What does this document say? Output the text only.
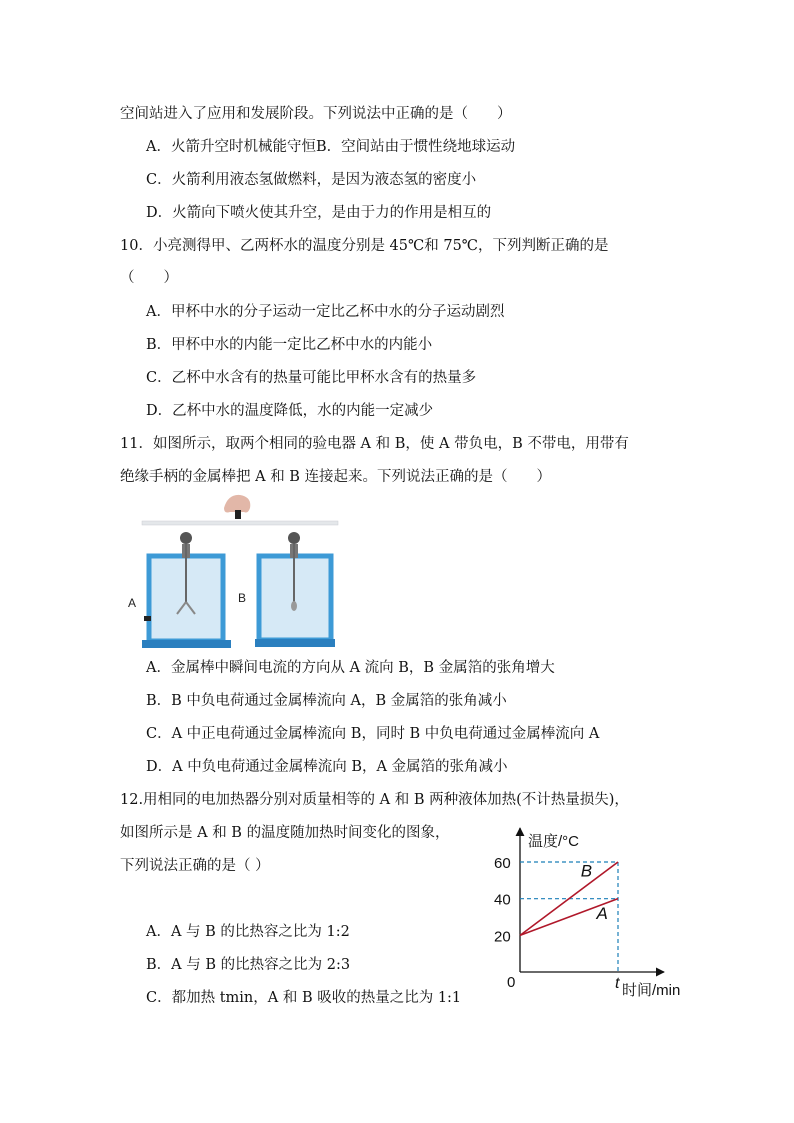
空间站进入了应用和发展阶段。下列说法中正确的是（　　）
A．火箭升空时机械能守恒B．空间站由于惯性绕地球运动
C．火箭利用液态氢做燃料，是因为液态氢的密度小
D．火箭向下喷火使其升空，是由于力的作用是相互的
10．小亮测得甲、乙两杯水的温度分别是 45℃和 75℃，下列判断正确的是
（　　）
A．甲杯中水的分子运动一定比乙杯中水的分子运动剧烈
B．甲杯中水的内能一定比乙杯中水的内能小
C．乙杯中水含有的热量可能比甲杯水含有的热量多
D．乙杯中水的温度降低，水的内能一定减少
11．如图所示，取两个相同的验电器 A 和 B，使 A 带负电，B 不带电，用带有
绝缘手柄的金属棒把 A 和 B 连接起来。下列说法正确的是（　　）
A	B
A．金属棒中瞬间电流的方向从 A 流向 B，B 金属箔的张角增大
B．B 中负电荷通过金属棒流向 A，B 金属箔的张角减小
C．A 中正电荷通过金属棒流向 B，同时 B 中负电荷通过金属棒流向 A
D．A 中负电荷通过金属棒流向 B，A 金属箔的张角减小
12.用相同的电加热器分别对质量相等的 A 和 B 两种液体加热(不计热量损失)，
如图所示是 A 和 B 的温度随加热时间变化的图象，
下列说法正确的是（ ）
A．A 与 B 的比热容之比为 1:2
B．A 与 B 的比热容之比为 2:3
C．都加热 tmin，A 和 B 吸收的热量之比为 1:1
温度/°C
时间/min
0	t
20
40
60
A
B
